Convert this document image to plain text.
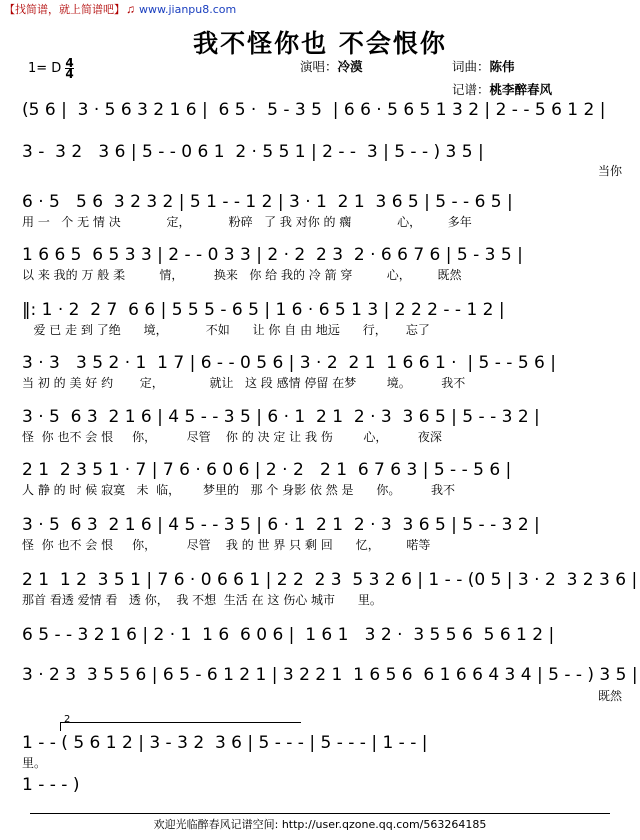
【找简谱，就上简谱吧】 ♫ www.jianpu8.com
我不怪你也 不会恨你
1= D $\frac{4}{4}$	演唱：冷漠	词曲：陈伟
记谱：桃李醉春风
(5 6 |  3 · 5 6 3 2 1 6 |  6 5 ·  5 - 3 5  | 6 6 · 5 6 5 1 3 2 | 2 - - 5 6 1 2 |
3 -  3 2   3 6 | 5 - - 0 6 1  2 · 5 5 1 | 2 - -  3 | 5 - - ) 3 5 |
当你
6 · 5   5 6  3 2 3 2 | 5 1 - - 1 2 | 3 · 1  2 1  3 6 5 | 5 - - 6 5 |
用 一   个 无 情 决            定，          粉碎   了 我 对你 的 瘸            心，       多年
1 6 6 5  6 5 3 3 | 2 - - 0 3 3 | 2 · 2  2 3  2 · 6 6 7 6 | 5 - 3 5 |
以 来 我的 万 般 柔         情，        换来   你 给 我的 冷 箭 穿         心，       既然
‖: 1 · 2  2 7  6 6 | 5 5 5 - 6 5 | 1 6 · 6 5 1 3 | 2 2 2 - - 1 2 |
爱 已 走 到 了绝      境，          不如      让 你 自 由 地远      行，     忘了
3 · 3   3 5 2 · 1  1 7 | 6 - - 0 5 6 | 3 · 2  2 1  1 6 6 1 ·  | 5 - - 5 6 |
当 初 的 美 好 约       定，            就让   这 段 感情 停留 在梦        境。        我不
3 · 5  6 3  2 1 6 | 4 5 - - 3 5 | 6 · 1  2 1  2 · 3  3 6 5 | 5 - - 3 2 |
怪  你 也不 会 恨     你，        尽管    你 的 决 定 让 我 伤        心，        夜深
2 1  2 3 5 1 · 7 | 7 6 · 6 0 6 | 2 · 2   2 1  6 7 6 3 | 5 - - 5 6 |
人 静 的 时 候 寂寞   未  临，      梦里的   那 个 身影 依 然 是      你。        我不
3 · 5  6 3  2 1 6 | 4 5 - - 3 5 | 6 · 1  2 1  2 · 3  3 6 5 | 5 - - 3 2 |
怪  你 也不 会 恨     你，        尽管    我 的 世 界 只 剩 回      忆，       喏等
2 1  1 2  3 5 1 | 7 6 · 0 6 6 1 | 2 2  2 3  5 3 2 6 | 1 - - (0 5 | 3 · 2  3 2 3 6 |
那首 看透 爱情 看   透 你，  我 不想  生活 在 这 伤心 城市      里。
6 5 - - 3 2 1 6 | 2 · 1  1 6  6 0 6 |  1 6 1   3 2 ·  3 5 5 6  5 6 1 2 |
3 · 2 3  3 5 5 6 | 6 5 - 6 1 2 1 | 3 2 2 1  1 6 5 6  6 1 6 6 4 3 4 | 5 - - ) 3 5 |
既然
2
1 - - ( 5 6 1 2 | 3 - 3 2  3 6 | 5 - - - | 5 - - - | 1 - - |
里。
1 - - - )
欢迎光临醉春风记谱空间: http://user.qzone.qq.com/563264185
